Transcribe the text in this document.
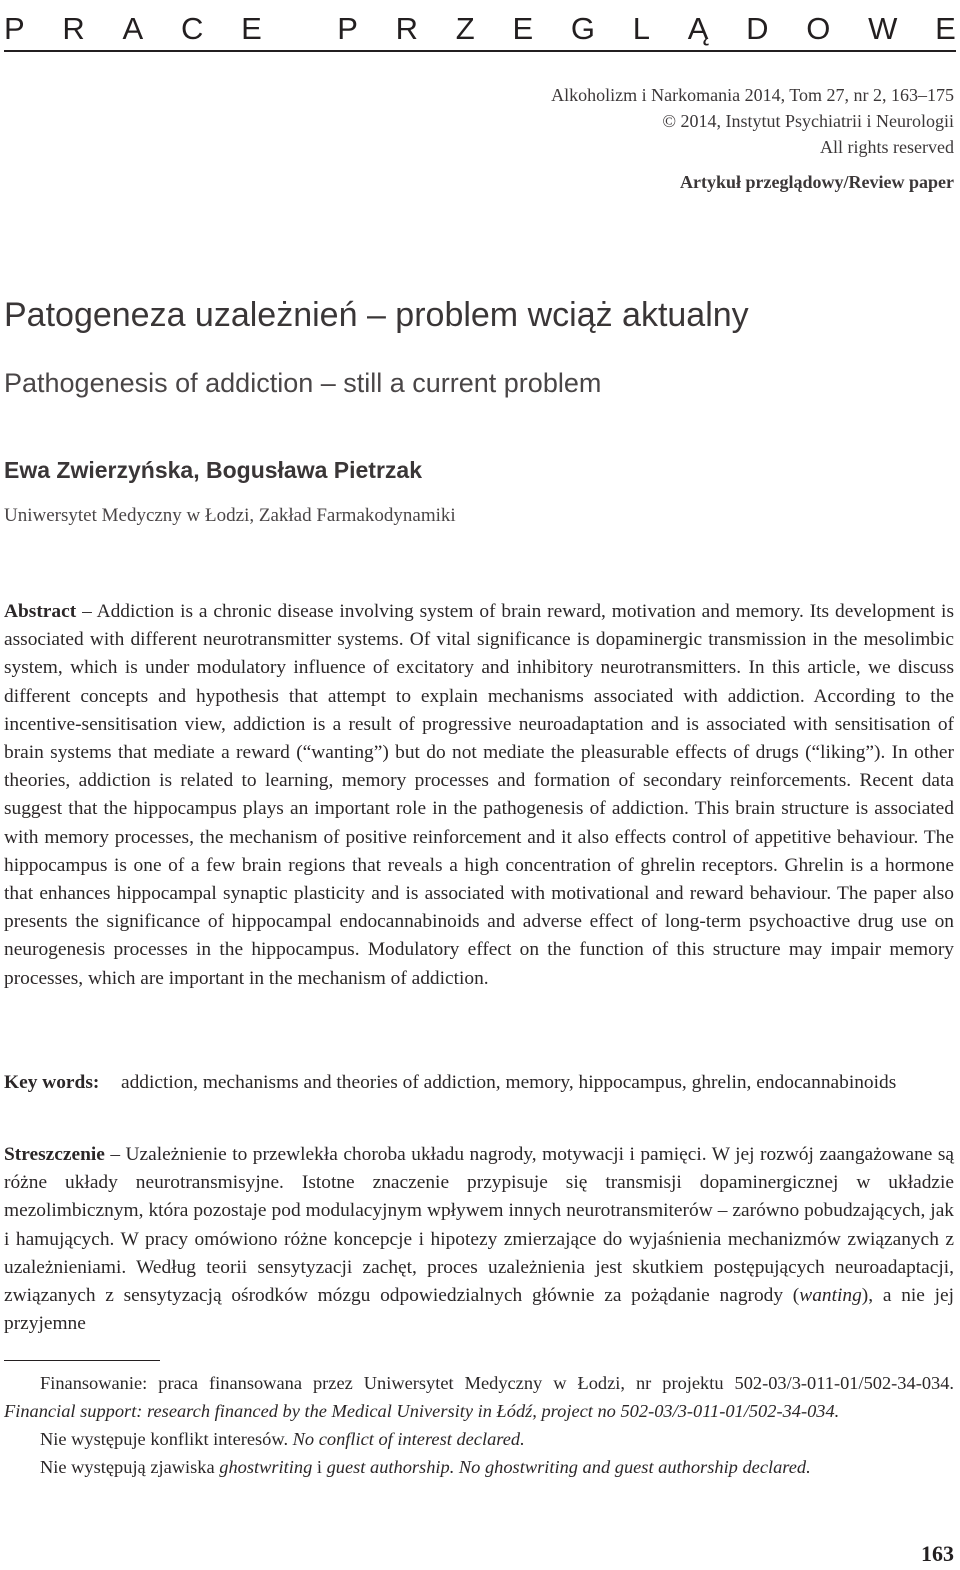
P R A C E P R Z E G L Ą D O W E
Alkoholizm i Narkomania 2014, Tom 27, nr 2, 163–175
© 2014, Instytut Psychiatrii i Neurologii
All rights reserved
Artykuł przeglądowy/Review paper
Patogeneza uzależnień – problem wciąż aktualny
Pathogenesis of addiction – still a current problem
Ewa Zwierzyńska, Bogusława Pietrzak
Uniwersytet Medyczny w Łodzi, Zakład Farmakodynamiki

Abstract – Addiction is a chronic disease involving system of brain reward, motivation and memory. Its development is associated with different neurotransmitter systems. Of vital significance is dopaminergic transmission in the mesolimbic system, which is under modulatory influence of excitatory and inhibitory neurotransmitters. In this article, we discuss different concepts and hypothesis that attempt to explain mechanisms associated with addiction. According to the incentive-sensitisation view, addiction is a result of progressive neuroadaptation and is associated with sensitisation of brain systems that mediate a reward (“wanting”) but do not mediate the pleasurable effects of drugs (“liking”). In other theories, addiction is related to learning, memory processes and formation of secondary reinforcements. Recent data suggest that the hippocampus plays an important role in the pathogenesis of addiction. This brain structure is associated with memory processes, the mechanism of positive reinforcement and it also effects control of appetitive behaviour. The hippocampus is one of a few brain regions that reveals a high concentration of ghrelin receptors. Ghrelin is a hormone that enhances hippocampal synaptic plasticity and is associated with motivational and reward behaviour. The paper also presents the significance of hippocampal endocannabinoids and adverse effect of long-term psychoactive drug use on neurogenesis processes in the hippocampus. Modulatory effect on the function of this structure may impair memory processes, which are important in the mechanism of addiction.

Key words:	addiction, mechanisms and theories of addiction, memory, hippocampus, ghrelin, endocannabinoids

Streszczenie – Uzależnienie to przewlekła choroba układu nagrody, motywacji i pamięci. W jej rozwój zaangażowane są różne układy neurotransmisyjne. Istotne znaczenie przypisuje się transmisji dopaminergicznej w układzie mezolimbicznym, która pozostaje pod modulacyjnym wpływem innych neurotransmiterów – zarówno pobudzających, jak i hamujących. W pracy omówiono różne koncepcje i hipotezy zmierzające do wyjaśnienia mechanizmów związanych z uzależnieniami. Według teorii sensytyzacji zachęt, proces uzależnienia jest skutkiem postępujących neuroadaptacji, związanych z sensytyzacją ośrodków mózgu odpowiedzialnych głównie za pożądanie nagrody (wanting), a nie jej przyjemne

Finansowanie: praca finansowana przez Uniwersytet Medyczny w Łodzi, nr projektu 502-03/3-011-01/502-34-034. Financial support: research financed by the Medical University in Łódź, project no 502-03/3-011-01/502-34-034.

Nie występuje konflikt interesów. No conflict of interest declared.

Nie występują zjawiska ghostwriting i guest authorship. No ghostwriting and guest authorship declared.

163
